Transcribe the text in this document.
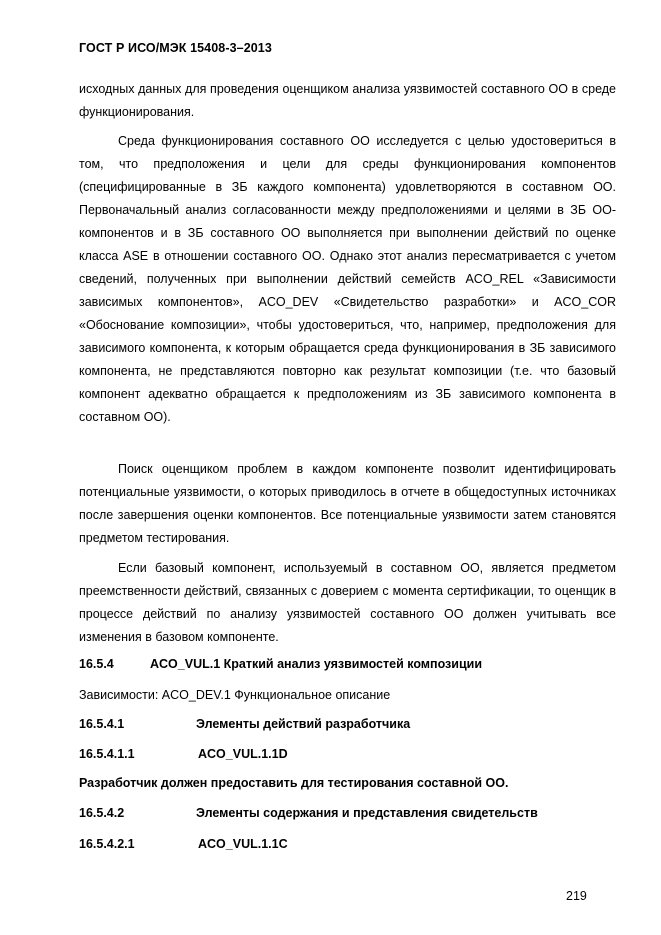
ГОСТ Р ИСО/МЭК 15408-3–2013

исходных данных для проведения оценщиком анализа уязвимостей составного ОО в среде функционирования.

Среда функционирования составного ОО исследуется с целью удостовериться в том, что предположения и цели для среды функционирования компонентов (специфицированные в ЗБ каждого компонента) удовлетворяются в составном ОО. Первоначальный анализ согласованности между предположениями и целями в ЗБ ОО-компонентов и в ЗБ составного ОО выполняется при выполнении действий по оценке класса ASE в отношении составного ОО. Однако этот анализ пересматривается с учетом сведений, полученных при выполнении действий семейств ACO_REL «Зависимости зависимых компонентов», ACO_DEV «Свидетельство разработки» и ACO_COR «Обоснование композиции», чтобы удостовериться, что, например, предположения для зависимого компонента, к которым обращается среда функционирования в ЗБ зависимого компонента, не представляются повторно как результат композиции (т.е. что базовый компонент адекватно обращается к предположениям из ЗБ зависимого компонента в составном ОО).

Поиск оценщиком проблем в каждом компоненте позволит идентифицировать потенциальные уязвимости, о которых приводилось в отчете в общедоступных источниках после завершения оценки компонентов. Все потенциальные уязвимости затем становятся предметом тестирования.

Если базовый компонент, используемый в составном ОО, является предметом преемственности действий, связанных с доверием с момента сертификации, то оценщик в процессе действий по анализу уязвимостей составного ОО должен учитывать все изменения в базовом компоненте.

16.5.4	ACO_VUL.1 Краткий анализ уязвимостей композиции

Зависимости: ACO_DEV.1 Функциональное описание

16.5.4.1	Элементы действий разработчика

16.5.4.1.1	ACO_VUL.1.1D

Разработчик должен предоставить для тестирования составной ОО.

16.5.4.2	Элементы содержания и представления свидетельств

16.5.4.2.1	ACO_VUL.1.1C

219
